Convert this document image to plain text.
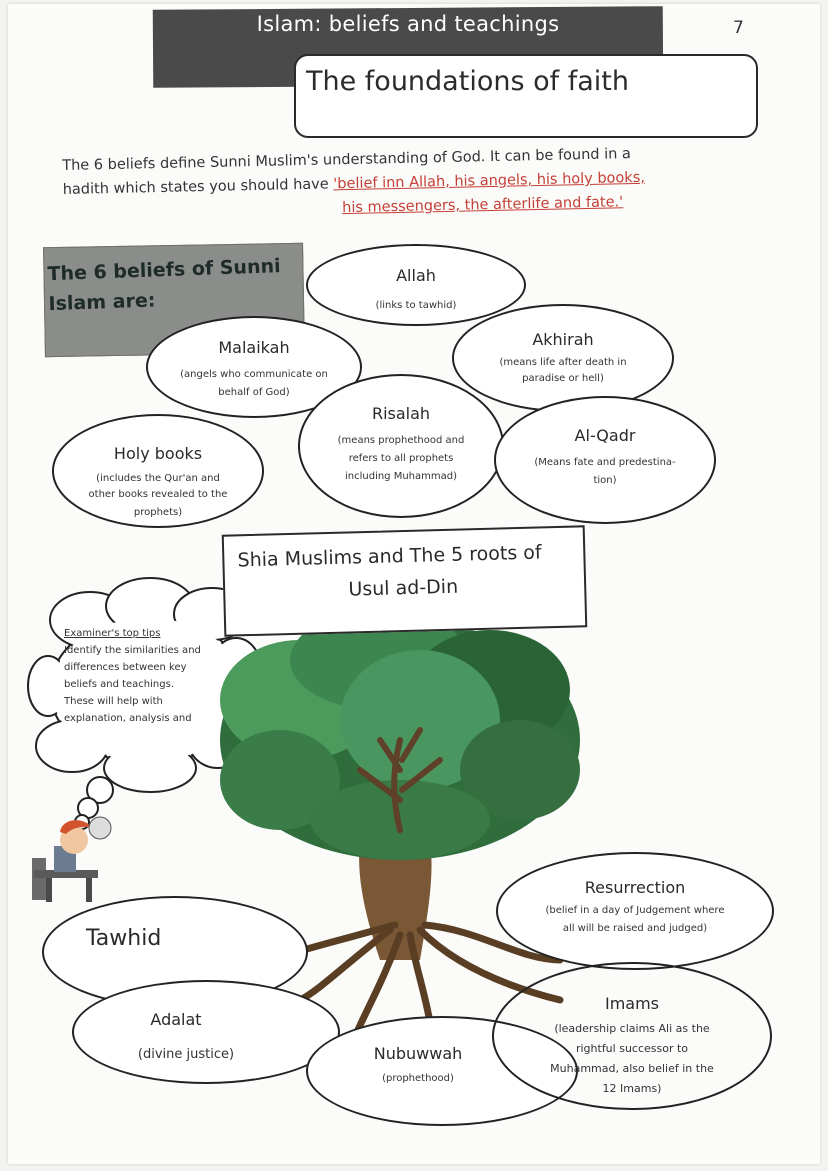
Islam: beliefs and teachings	7
The foundations of faith
The 6 beliefs define Sunni Muslim's understanding of God. It can be found in a
hadith which states you should have 'belief inn Allah, his angels, his holy books,
his messengers, the afterlife and fate.'
The 6 beliefs of Sunni
Islam are:
Examiner's top tips
Identify the similarities and
differences between key
beliefs and teachings.
These will help with
explanation, analysis and
Allah
(links to tawhid)
Malaikah
(angels who communicate on
behalf of God)
Akhirah
(means life after death in
paradise or hell)
Risalah
(means prophethood and
refers to all prophets
including Muhammad)
Al-Qadr
(Means fate and predestina-
tion)
Holy books
(includes the Qur'an and
other books revealed to the
prophets)
Shia Muslims and The 5 roots of
Usul ad-Din
Tawhid
Adalat
(divine justice)	Nubuwwah
(prophethood)
Resurrection
(belief in a day of Judgement where
all will be raised and judged)
Imams
(leadership claims Ali as the
rightful successor to
Muhammad, also belief in the
12 Imams)
